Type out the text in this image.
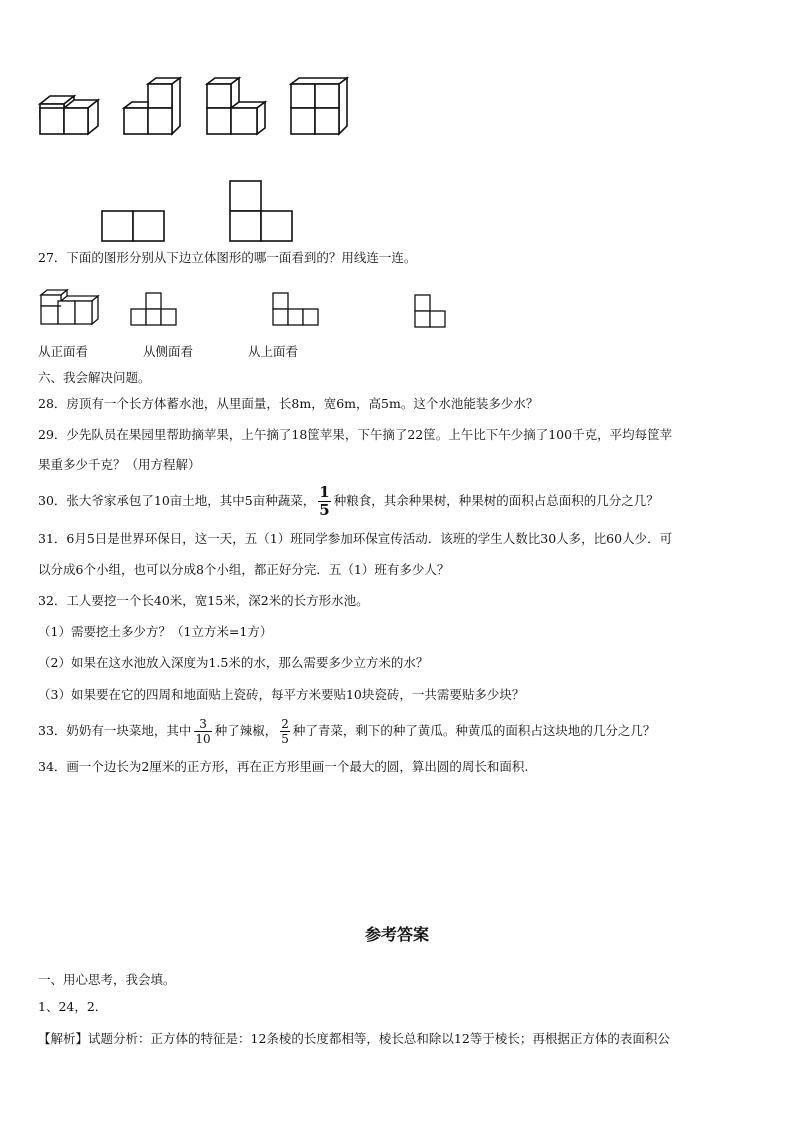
27．下面的图形分别从下边立体图形的哪一面看到的？用线连一连。
从正面看	从侧面看	从上面看
六、我会解决问题。
28．房顶有一个长方体蓄水池，从里面量，长8m，宽6m，高5m。这个水池能装多少水？
29．少先队员在果园里帮助摘苹果，上午摘了18筐苹果，下午摘了22筐。上午比下午少摘了100千克，平均每筐苹
果重多少千克？（用方程解）
30．张大爷家承包了10亩土地，其中5亩种蔬菜， $\frac{1}{5}$ 种粮食，其余种果树，种果树的面积占总面积的几分之几？
31．6月5日是世界环保日，这一天，五（1）班同学参加环保宣传活动．该班的学生人数比30人多，比60人少．可
以分成6个小组，也可以分成8个小组，都正好分完．五（1）班有多少人？
32．工人要挖一个长40米，宽15米，深2米的长方形水池。
（1）需要挖土多少方？（1立方米=1方）
（2）如果在这水池放入深度为1.5米的水，那么需要多少立方米的水？
（3）如果要在它的四周和地面贴上瓷砖，每平方米要贴10块瓷砖，一共需要贴多少块？
33．奶奶有一块菜地，其中 $\frac{3}{10}$ 种了辣椒， $\frac{2}{5}$ 种了青菜，剩下的种了黄瓜。种黄瓜的面积占这块地的几分之几？
34．画一个边长为2厘米的正方形，再在正方形里画一个最大的圆，算出圆的周长和面积.
参考答案
一、用心思考，我会填。
1、24，2．
【解析】试题分析：正方体的特征是：12条棱的长度都相等，棱长总和除以12等于棱长；再根据正方体的表面积公
